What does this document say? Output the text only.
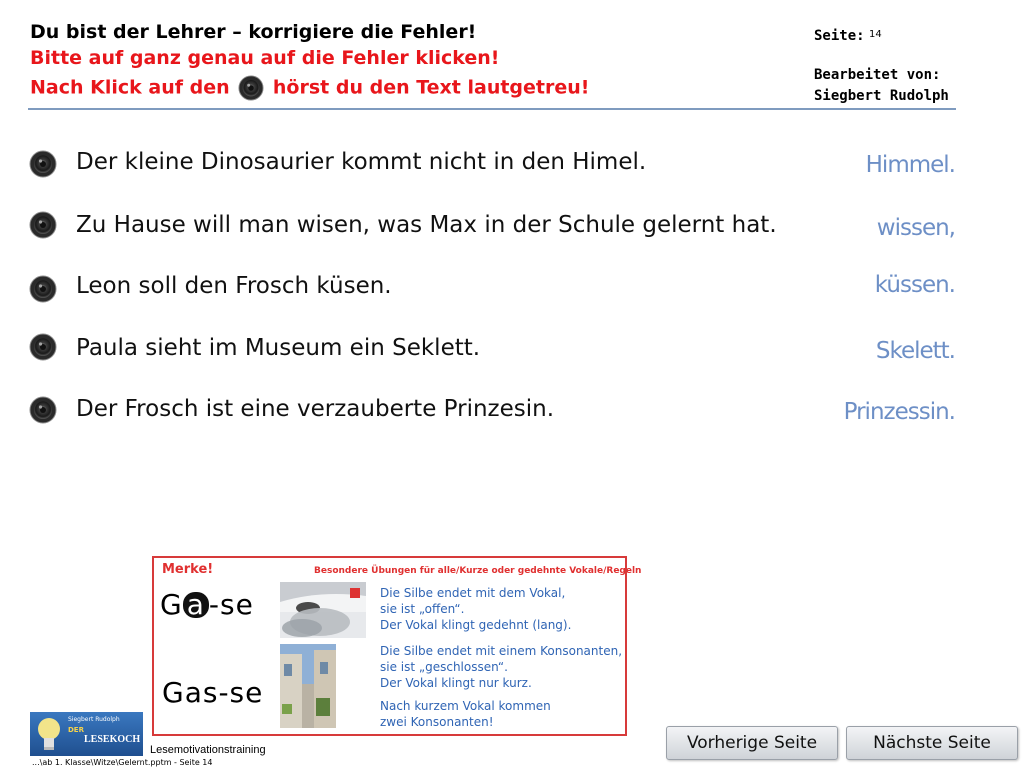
Du bist der Lehrer – korrigiere die Fehler!
Bitte auf ganz genau auf die Fehler klicken!
Nach Klick auf den hörst du den Text lautgetreu!
Seite: 14
Bearbeitet von:
Siegbert Rudolph
Der kleine Dinosaurier kommt nicht in den Himel.	Himmel.
Zu Hause will man wisen, was Max in der Schule gelernt hat.	wissen,
Leon soll den Frosch küsen.	küssen.
Paula sieht im Museum ein Seklett.	Skelett.
Der Frosch ist eine verzauberte Prinzesin.	Prinzessin.
Merke!	Besondere Übungen für alle/Kurze oder gedehnte Vokale/Regeln
G a -se
Gas-se
Die Silbe endet mit dem Vokal,
sie ist „offen“.
Der Vokal klingt gedehnt (lang).
Die Silbe endet mit einem Konsonanten,
sie ist „geschlossen“.
Der Vokal klingt nur kurz.
Nach kurzem Vokal kommen
zwei Konsonanten!
Siegbert Rudolph
DER
LESEKOCH
Lesemotivationstraining
...\ab 1. Klasse\Witze\Gelernt.pptm - Seite 14
Vorherige Seite	Nächste Seite
